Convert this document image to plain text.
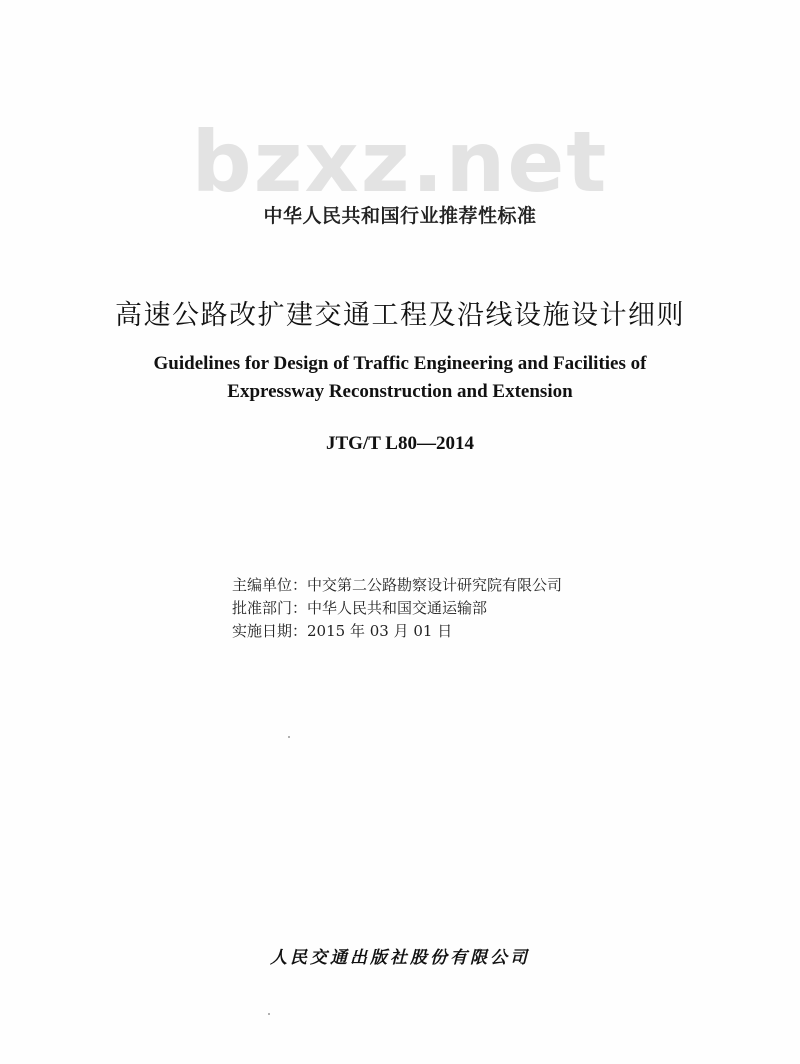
bzxz.net
中华人民共和国行业推荐性标准
高速公路改扩建交通工程及沿线设施设计细则
Guidelines for Design of Traffic Engineering and Facilities of
Expressway Reconstruction and Extension
JTG/T L80—2014
主编单位：中交第二公路勘察设计研究院有限公司
批准部门：中华人民共和国交通运输部
实施日期：2015 年 03 月 01 日
人民交通出版社股份有限公司
